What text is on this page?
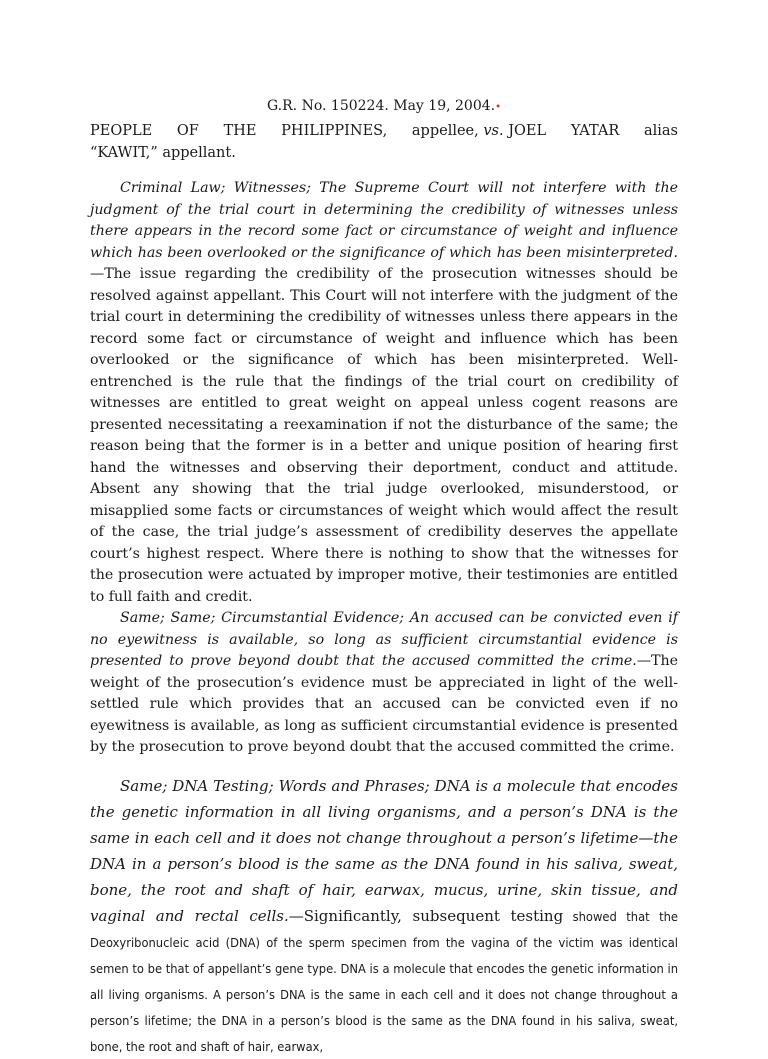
G.R. No. 150224. May 19, 2004.•

PEOPLE OF THE PHILIPPINES, appellee, vs. JOEL YATAR alias
“KAWIT,” appellant.

Criminal Law; Witnesses; The Supreme Court will not interfere with the judgment of the trial court in determining the credibility of witnesses unless there appears in the record some fact or circumstance of weight and influence which has been overlooked or the significance of which has been misinterpreted.—The issue regarding the credibility of the prosecution witnesses should be resolved against appellant. This Court will not interfere with the judgment of the trial court in determining the credibility of witnesses unless there appears in the record some fact or circumstance of weight and influence which has been overlooked or the significance of which has been misinterpreted. Well-entrenched is the rule that the findings of the trial court on credibility of witnesses are entitled to great weight on appeal unless cogent reasons are presented necessitating a reexamination if not the disturbance of the same; the reason being that the former is in a better and unique position of hearing first hand the witnesses and observing their deportment, conduct and attitude. Absent any showing that the trial judge overlooked, misunderstood, or misapplied some facts or circumstances of weight which would affect the result of the case, the trial judge’s assessment of credibility deserves the appellate court’s highest respect. Where there is nothing to show that the witnesses for the prosecution were actuated by improper motive, their testimonies are entitled to full faith and credit.

Same; Same; Circumstantial Evidence; An accused can be convicted even if no eyewitness is available, so long as sufficient circumstantial evidence is presented to prove beyond doubt that the accused committed the crime.—The weight of the prosecution’s evidence must be appreciated in light of the well-settled rule which provides that an accused can be convicted even if no eyewitness is available, as long as sufficient circumstantial evidence is presented by the prosecution to prove beyond doubt that the accused committed the crime.

Same; DNA Testing; Words and Phrases; DNA is a molecule that encodes the genetic information in all living organisms, and a person’s DNA is the same in each cell and it does not change throughout a person’s lifetime—the DNA in a person’s blood is the same as the DNA found in his saliva, sweat, bone, the root and shaft of hair, earwax, mucus, urine, skin tissue, and vaginal and rectal cells.—Significantly, subsequent testing showed that the Deoxyribonucleic acid (DNA) of the sperm specimen from the vagina of the victim was identical semen to be that of appellant’s gene type. DNA is a molecule that encodes the genetic information in all living organisms. A person’s DNA is the same in each cell and it does not change throughout a person’s lifetime; the DNA in a person’s blood is the same as the DNA found in his saliva, sweat, bone, the root and shaft of hair, earwax,
